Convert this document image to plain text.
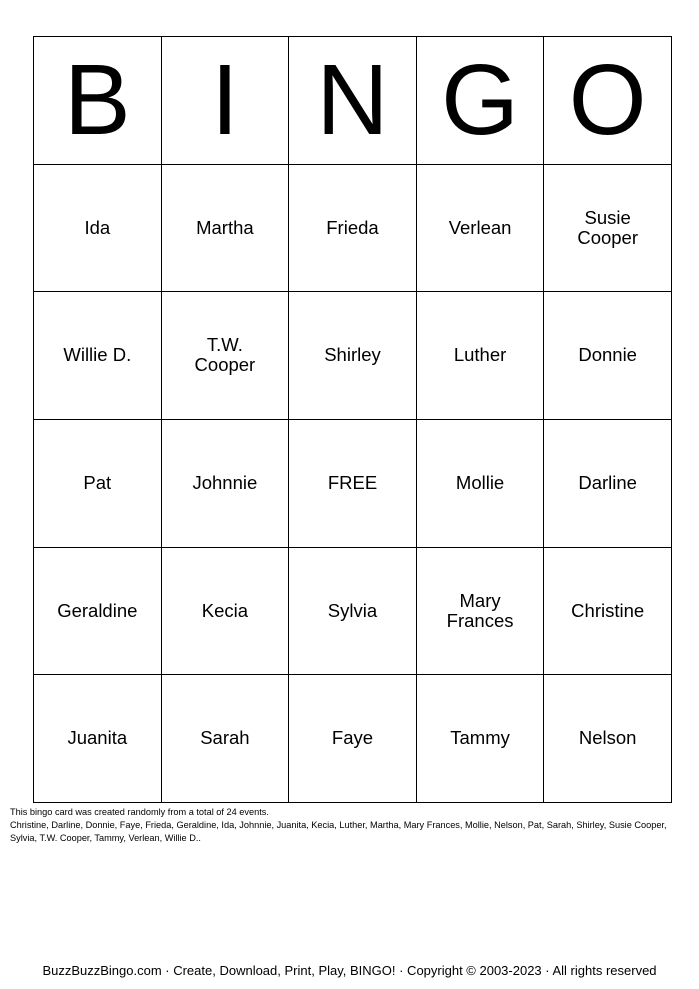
B	I	N	G	O
Ida	Martha	Frieda	Verlean	Susie Cooper
Willie D.	T.W. Cooper	Shirley	Luther	Donnie
Pat	Johnnie	FREE	Mollie	Darline
Geraldine	Kecia	Sylvia	Mary Frances	Christine
Juanita	Sarah	Faye	Tammy	Nelson
This bingo card was created randomly from a total of 24 events.
Christine, Darline, Donnie, Faye, Frieda, Geraldine, Ida, Johnnie, Juanita, Kecia, Luther, Martha, Mary Frances, Mollie, Nelson, Pat, Sarah, Shirley, Susie Cooper, Sylvia, T.W. Cooper, Tammy, Verlean, Willie D..
BuzzBuzzBingo.com · Create, Download, Print, Play, BINGO! · Copyright © 2003-2023 · All rights reserved
